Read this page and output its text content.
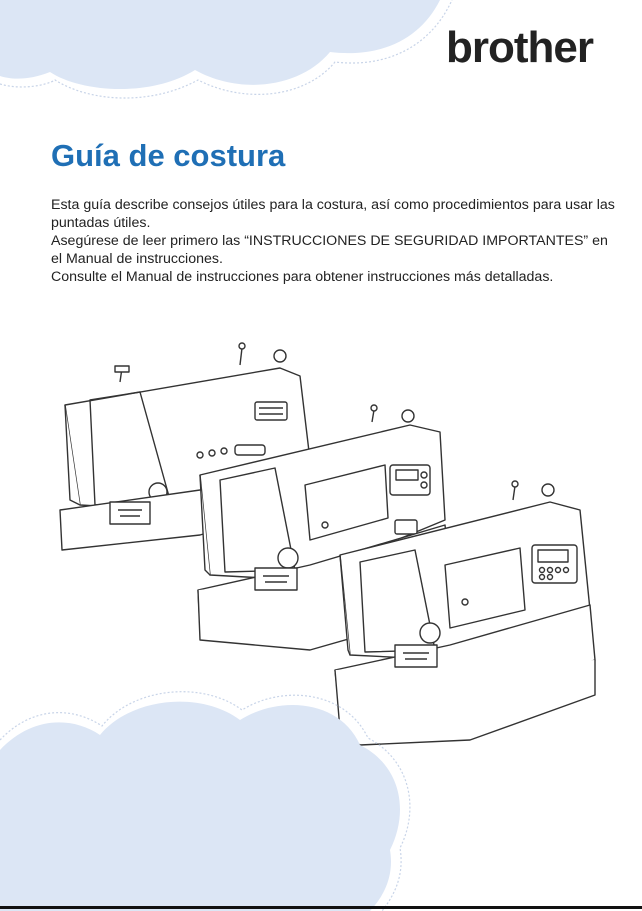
brother
Guía de costura

Esta guía describe consejos útiles para la costura, así como procedimientos para usar las puntadas útiles.

Asegúrese de leer primero las “INSTRUCCIONES DE SEGURIDAD IMPORTANTES” en el Manual de instrucciones.

Consulte el Manual de instrucciones para obtener instrucciones más detalladas.
